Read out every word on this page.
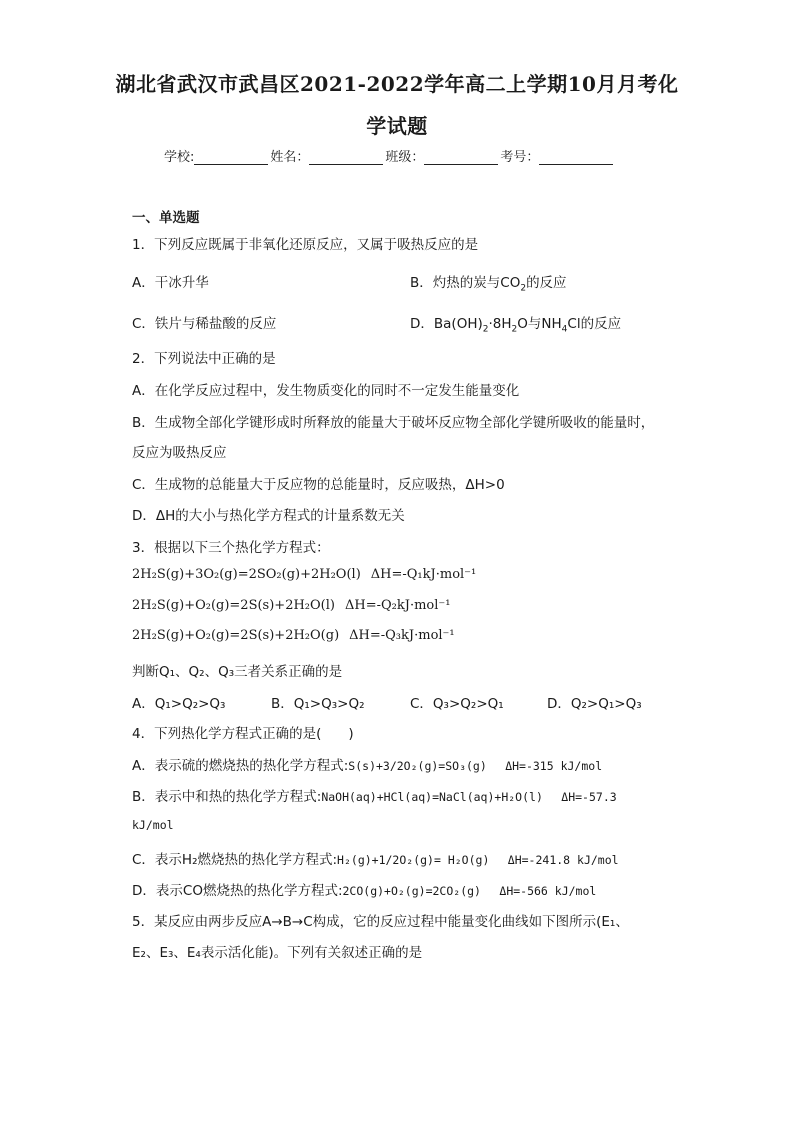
湖北省武汉市武昌区2021-2022学年高二上学期10月月考化
学试题
学校:	姓名：	班级：	考号：
一、单选题
1．下列反应既属于非氧化还原反应，又属于吸热反应的是
A．干冰升华	B．灼热的炭与$CO_2$的反应
C．铁片与稀盐酸的反应	D．$Ba(OH)_2\cdot 8H_2O$与$NH_4Cl$的反应
2．下列说法中正确的是
A．在化学反应过程中，发生物质变化的同时不一定发生能量变化
B．生成物全部化学键形成时所释放的能量大于破坏反应物全部化学键所吸收的能量时，
反应为吸热反应
C．生成物的总能量大于反应物的总能量时，反应吸热，ΔH>0
D．ΔH的大小与热化学方程式的计量系数无关
3．根据以下三个热化学方程式：
2H₂S(g)+3O₂(g)=2SO₂(g)+2H₂O(l) ΔH=-Q₁kJ·mol⁻¹
2H₂S(g)+O₂(g)=2S(s)+2H₂O(l) ΔH=-Q₂kJ·mol⁻¹
2H₂S(g)+O₂(g)=2S(s)+2H₂O(g) ΔH=-Q₃kJ·mol⁻¹
判断Q₁、Q₂、Q₃三者关系正确的是
A．Q₁>Q₂>Q₃	B．Q₁>Q₃>Q₂	C．Q₃>Q₂>Q₁	D．Q₂>Q₁>Q₃
4．下列热化学方程式正确的是(　　)
A．表示硫的燃烧热的热化学方程式:S(s)+3/2O₂(g)=SO₃(g)　 ΔH=-315 kJ/mol
B．表示中和热的热化学方程式:NaOH(aq)+HCl(aq)=NaCl(aq)+H₂O(l)　 ΔH=-57.3
kJ/mol
C．表示H₂燃烧热的热化学方程式:H₂(g)+1/2O₂(g)= H₂O(g)　 ΔH=-241.8 kJ/mol
D．表示CO燃烧热的热化学方程式:2CO(g)+O₂(g)=2CO₂(g)　 ΔH=-566 kJ/mol
5．某反应由两步反应A→B→C构成，它的反应过程中能量变化曲线如下图所示(E₁、
E₂、E₃、E₄表示活化能)。下列有关叙述正确的是
